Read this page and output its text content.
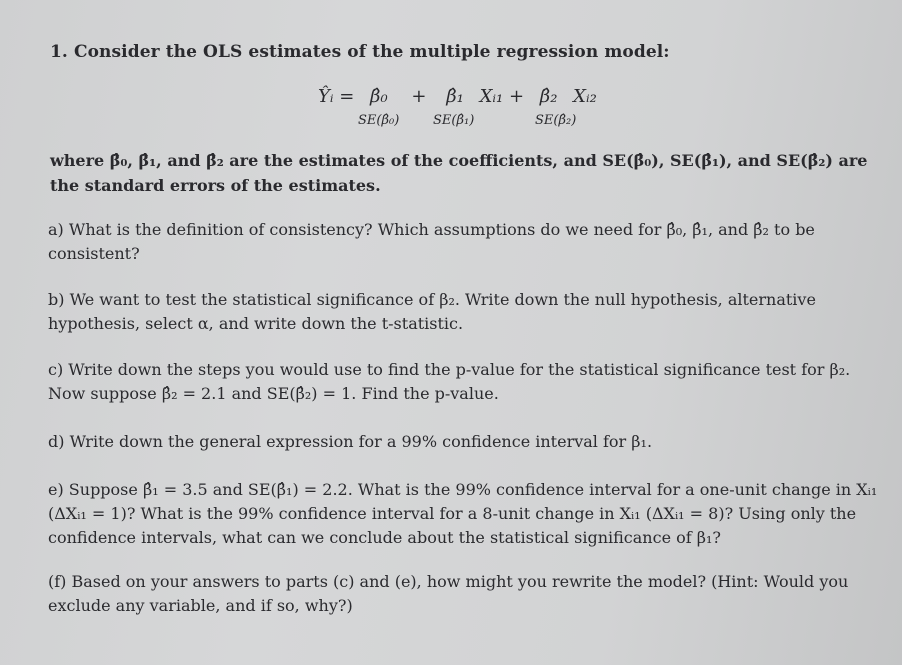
1. Consider the OLS estimates of the multiple regression model:
Ŷᵢ = β̂₀ + β̂₁ Xᵢ₁ + β̂₂ Xᵢ₂
SE(β̂₀)	SE(β̂₁)	SE(β̂₂)
where β̂₀, β̂₁, and β̂₂ are the estimates of the coefficients, and SE(β̂₀), SE(β̂₁), and SE(β̂₂) are the standard errors of the estimates.
a) What is the definition of consistency? Which assumptions do we need for β̂₀, β̂₁, and β̂₂ to be consistent?
b) We want to test the statistical significance of β₂. Write down the null hypothesis, alternative hypothesis, select α, and write down the t-statistic.
c) Write down the steps you would use to find the p-value for the statistical significance test for β₂. Now suppose β̂₂ = 2.1 and SE(β̂₂) = 1. Find the p-value.
d) Write down the general expression for a 99% confidence interval for β₁.
e) Suppose β̂₁ = 3.5 and SE(β̂₁) = 2.2. What is the 99% confidence interval for a one-unit change in Xᵢ₁ (ΔXᵢ₁ = 1)? What is the 99% confidence interval for a 8-unit change in Xᵢ₁ (ΔXᵢ₁ = 8)? Using only the confidence intervals, what can we conclude about the statistical significance of β₁?
(f) Based on your answers to parts (c) and (e), how might you rewrite the model? (Hint: Would you exclude any variable, and if so, why?)
